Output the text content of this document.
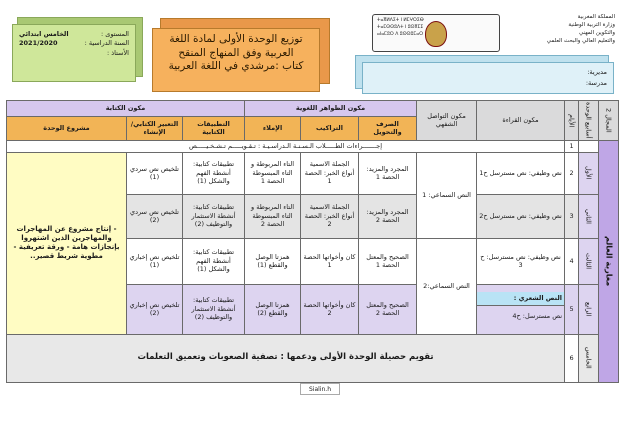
المستوى :
الخامس ابتدائي
السنة الدراسية :
2021/2020
الأستاذ :
توزيع الوحدة الأولى لمادة اللغة
العربية وفق المنهاج المنقح
كتاب :مرشدي في اللغة العربية
ⵜⴰⴳⵍⴷⵉⵜ ⵏ ⵍⵎⵖⵔⵉⴱ
ⵜⴰⵎⵙⵙⵓⴷⵜ ⵏ ⵓⵙⴳⵎⵉ
ⴰⵏⴰⵎⵓⵔ ⴷ ⵓⵙⵙⵓⵎⴰⵔ
المملكة المغربية
وزارة التربية الوطنية
والتكوين المهني
والتعليم العالي والبحث العلمي
مديرية:
مدرسة:
المجال 2	أسابيع الوحدة	الأيام	مكون القراءة	مكون التواصل الشفهي	مكون الظواهر اللغوية			مكون الكتابة		
					الصرف والتحويل	التراكيب	الإملاء	التطبيقات الكتابية	التعبير الكتابي/الإنشاء	مشروع الوحدة

مغاربة العالم		1	إجـــــــراءات الطـــــلاب الـسـنـة الـدراسـيـة : تـقـويـــــم تـشـخـيـــــص							

	الأول	2	نص وظيفي: نص مسترسل ح1	النص السماعي: 1	المجرد والمزيد: الحصة 1	الجملة الاسمية أنواع الخبر: الحصة 1	التاء المربوطة و التاء المبسوطة الحصة 1	تطبيقات كتابية: أنشطة الفهم والشكل (1)	تلخيص نص سردي (1)	- إنتاج مشروع عن المهاجرات والمهاجرين الذين اشتهروا بإنجازات هامة - ورقة تعريفية - مطوية شريط قصير..

	الثاني	3	نص وظيفي: نص مسترسل ح2		المجرد والمزيد: الحصة 2	الجملة الاسمية أنواع الخبر: الحصة 2	التاء المربوطة و التاء المبسوطة الحصة 2	تطبيقات كتابية: أنشطة الاستثمار والتوظيف (2)	تلخيص نص سردي (2)	

	الثالث	4	نص وظيفي: نص مسترسل: ح 3	النص السماعي:2	الصحيح والمعتل الحصة 1	كان وأخواتها الحصة 1	همزتا الوصل والقطع (1)	تطبيقات كتابية: أنشطة الفهم والشكل (1)	تلخيص نص إخباري (1)	

	الرابع	5	النص الشعري :
نص مسترسل: ح4		الصحيح والمعتل الحصة 2	كان وأخواتها الحصة 2	همزتا الوصل والقطع (2)	تطبيقات كتابية: أنشطة الاستثمار والتوظيف (2)	تلخيص نص إخباري (2)	

	الخامس	6	تقويم حصيلة الوحدة الأولى ودعمها : تصفية الصعوبات وتعميق التعلمات							
Sialin.h
